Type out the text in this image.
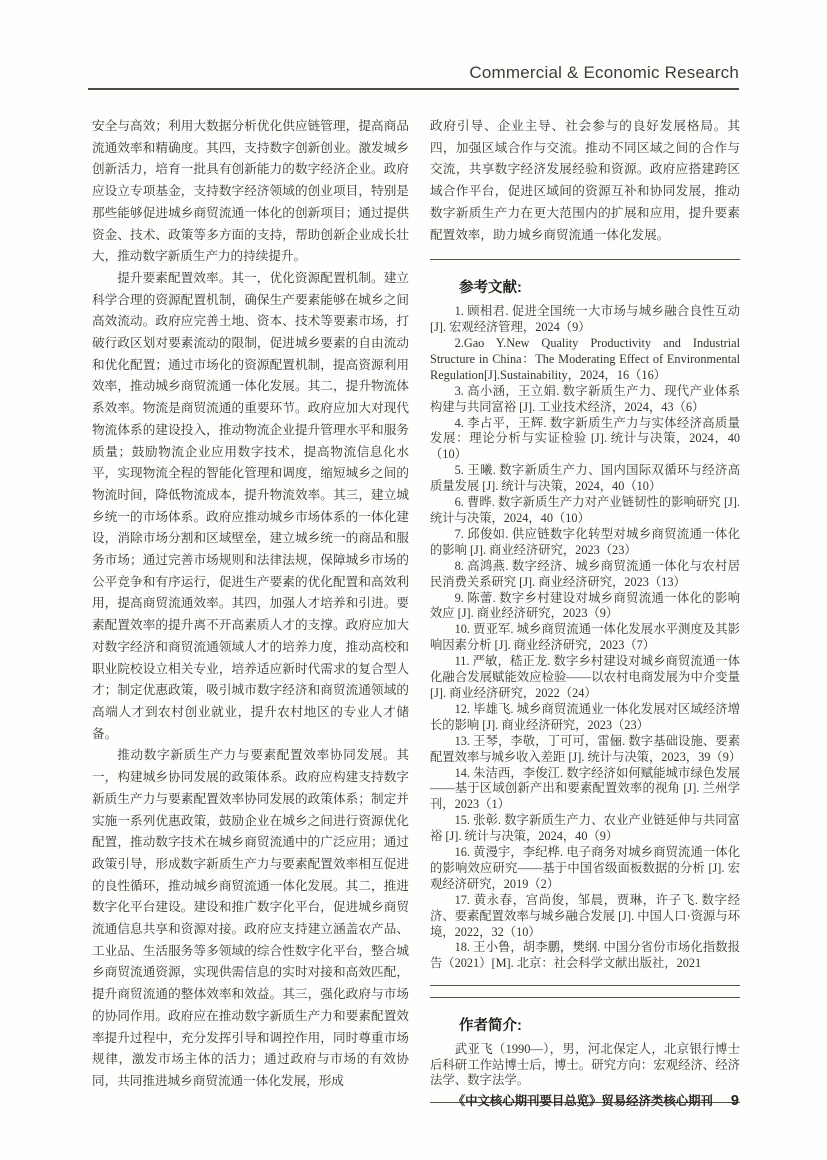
Commercial & Economic Research

安全与高效；利用大数据分析优化供应链管理，提高商品流通效率和精确度。其四，支持数字创新创业。激发城乡创新活力，培育一批具有创新能力的数字经济企业。政府应设立专项基金，支持数字经济领域的创业项目，特别是那些能够促进城乡商贸流通一体化的创新项目；通过提供资金、技术、政策等多方面的支持，帮助创新企业成长壮大，推动数字新质生产力的持续提升。

提升要素配置效率。其一，优化资源配置机制。建立科学合理的资源配置机制，确保生产要素能够在城乡之间高效流动。政府应完善土地、资本、技术等要素市场，打破行政区划对要素流动的限制，促进城乡要素的自由流动和优化配置；通过市场化的资源配置机制，提高资源利用效率，推动城乡商贸流通一体化发展。其二，提升物流体系效率。物流是商贸流通的重要环节。政府应加大对现代物流体系的建设投入，推动物流企业提升管理水平和服务质量；鼓励物流企业应用数字技术，提高物流信息化水平，实现物流全程的智能化管理和调度，缩短城乡之间的物流时间，降低物流成本，提升物流效率。其三，建立城乡统一的市场体系。政府应推动城乡市场体系的一体化建设，消除市场分割和区域壁垒，建立城乡统一的商品和服务市场；通过完善市场规则和法律法规，保障城乡市场的公平竞争和有序运行，促进生产要素的优化配置和高效利用，提高商贸流通效率。其四，加强人才培养和引进。要素配置效率的提升离不开高素质人才的支撑。政府应加大对数字经济和商贸流通领域人才的培养力度，推动高校和职业院校设立相关专业，培养适应新时代需求的复合型人才；制定优惠政策，吸引城市数字经济和商贸流通领域的高端人才到农村创业就业，提升农村地区的专业人才储备。

推动数字新质生产力与要素配置效率协同发展。其一，构建城乡协同发展的政策体系。政府应构建支持数字新质生产力与要素配置效率协同发展的政策体系；制定并实施一系列优惠政策，鼓励企业在城乡之间进行资源优化配置，推动数字技术在城乡商贸流通中的广泛应用；通过政策引导，形成数字新质生产力与要素配置效率相互促进的良性循环，推动城乡商贸流通一体化发展。其二，推进数字化平台建设。建设和推广数字化平台，促进城乡商贸流通信息共享和资源对接。政府应支持建立涵盖农产品、工业品、生活服务等多领域的综合性数字化平台，整合城乡商贸流通资源，实现供需信息的实时对接和高效匹配，提升商贸流通的整体效率和效益。其三，强化政府与市场的协同作用。政府应在推动数字新质生产力和要素配置效率提升过程中，充分发挥引导和调控作用，同时尊重市场规律，激发市场主体的活力；通过政府与市场的有效协同，共同推进城乡商贸流通一体化发展，形成

政府引导、企业主导、社会参与的良好发展格局。其四，加强区域合作与交流。推动不同区域之间的合作与交流，共享数字经济发展经验和资源。政府应搭建跨区域合作平台，促进区域间的资源互补和协同发展，推动数字新质生产力在更大范围内的扩展和应用，提升要素配置效率，助力城乡商贸流通一体化发展。

参考文献:

1. 顾相君. 促进全国统一大市场与城乡融合良性互动[J]. 宏观经济管理，2024（9）

2.Gao Y.New Quality Productivity and Industrial Structure in China：The Moderating Effect of Environmental Regulation[J].Sustainability，2024，16（16）

3. 高小涵，王立娟. 数字新质生产力、现代产业体系构建与共同富裕 [J]. 工业技术经济，2024，43（6）

4. 李占平，王辉. 数字新质生产力与实体经济高质量发展：理论分析与实证检验 [J]. 统计与决策，2024，40（10）

5. 王曦. 数字新质生产力、国内国际双循环与经济高质量发展 [J]. 统计与决策，2024，40（10）

6. 曹晔. 数字新质生产力对产业链韧性的影响研究 [J]. 统计与决策，2024，40（10）

7. 邱俊如. 供应链数字化转型对城乡商贸流通一体化的影响 [J]. 商业经济研究，2023（23）

8. 高鸿燕. 数字经济、城乡商贸流通一体化与农村居民消费关系研究 [J]. 商业经济研究，2023（13）

9. 陈蕾. 数字乡村建设对城乡商贸流通一体化的影响效应 [J]. 商业经济研究，2023（9）

10. 贾亚军. 城乡商贸流通一体化发展水平测度及其影响因素分析 [J]. 商业经济研究，2023（7）

11. 严敏，嵇正龙. 数字乡村建设对城乡商贸流通一体化融合发展赋能效应检验——以农村电商发展为中介变量 [J]. 商业经济研究，2022（24）

12. 毕雄飞. 城乡商贸流通业一体化发展对区域经济增长的影响 [J]. 商业经济研究，2023（23）

13. 王琴，李敬，丁可可，雷俪. 数字基础设施、要素配置效率与城乡收入差距 [J]. 统计与决策，2023，39（9）

14. 朱洁西，李俊江. 数字经济如何赋能城市绿色发展——基于区域创新产出和要素配置效率的视角 [J]. 兰州学刊，2023（1）

15. 张彰. 数字新质生产力、农业产业链延伸与共同富裕 [J]. 统计与决策，2024，40（9）

16. 黄漫宇，李纪桦. 电子商务对城乡商贸流通一体化的影响效应研究——基于中国省级面板数据的分析 [J]. 宏观经济研究，2019（2）

17. 黄永春，宫尚俊，邹晨，贾琳，许子飞. 数字经济、要素配置效率与城乡融合发展 [J]. 中国人口·资源与环境，2022，32（10）

18. 王小鲁，胡李鹏，樊纲. 中国分省份市场化指数报告（2021）[M]. 北京：社会科学文献出版社，2021

作者简介:

武亚飞（1990—），男，河北保定人，北京银行博士后科研工作站博士后，博士。研究方向：宏观经济、经济法学、数字法学。

《中文核心期刊要目总览》贸易经济类核心期刊 9
